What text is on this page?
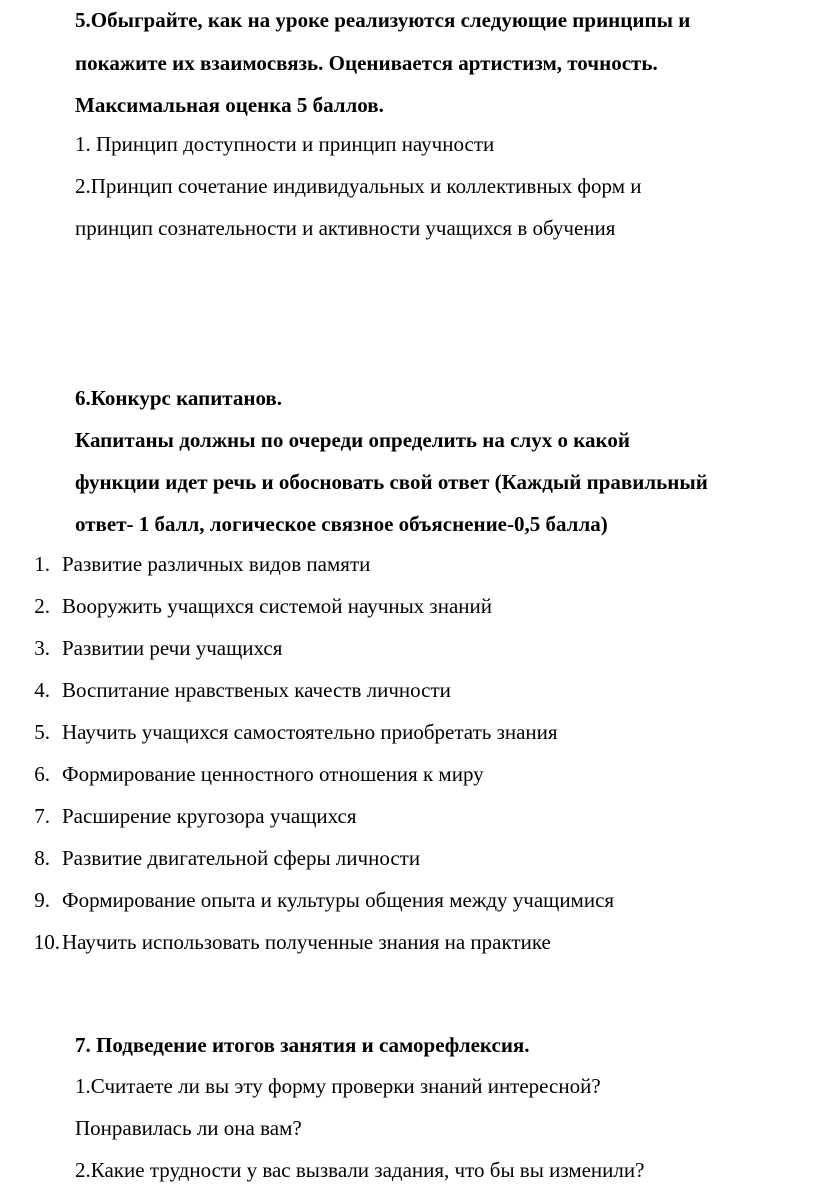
5.Обыграйте, как на уроке реализуются следующие принципы и
покажите их взаимосвязь. Оценивается артистизм, точность.
Максимальная оценка 5 баллов.
1. Принцип доступности и принцип научности
2.Принцип сочетание индивидуальных и коллективных форм и
принцип сознательности и активности учащихся в обучения
6.Конкурс капитанов.
Капитаны должны по очереди определить на слух о какой
функции идет речь и обосновать свой ответ (Каждый правильный
ответ- 1 балл, логическое связное объяснение-0,5 балла)
1. Развитие различных видов памяти
2. Вооружить учащихся системой научных знаний
3. Развитии речи учащихся
4. Воспитание нравственых качеств личности
5. Научить учащихся самостоятельно приобретать знания
6. Формирование ценностного отношения к миру
7. Расширение кругозора учащихся
8. Развитие двигательной сферы личности
9. Формирование опыта и культуры общения между учащимися
10.Научить использовать полученные знания на практике
7. Подведение итогов занятия и саморефлексия.
1.Считаете ли вы эту форму проверки знаний интересной?
Понравилась ли она вам?
2.Какие трудности у вас вызвали задания, что бы вы изменили?
